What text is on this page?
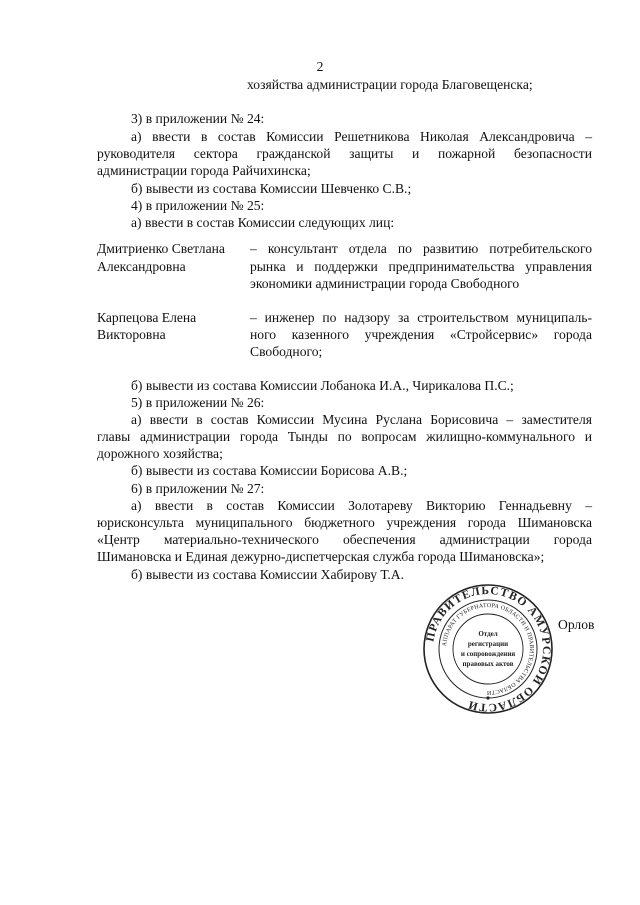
2
хозяйства администрации города Благовещенска;
3) в приложении № 24:
а) ввести в состав Комиссии Решетникова Николая Александровича –
руководителя сектора гражданской защиты и пожарной безопасности
администрации города Райчихинска;
б) вывести из состава Комиссии Шевченко С.В.;
4) в приложении № 25:
а) ввести в состав Комиссии следующих лиц:
Дмитриенко Светлана
Александровна
– консультант отдела по развитию потребительского
рынка и поддержки предпринимательства управления
экономики администрации города Свободного
Карпецова Елена
Викторовна
– инженер по надзору за строительством муниципаль-
ного казенного учреждения «Стройсервис» города
Свободного;
б) вывести из состава Комиссии Лобанока И.А., Чирикалова П.С.;
5) в приложении № 26:
а) ввести в состав Комиссии Мусина Руслана Борисовича – заместителя
главы администрации города Тынды по вопросам жилищно-коммунального и
дорожного хозяйства;
б) вывести из состава Комиссии Борисова А.В.;
6) в приложении № 27:
а) ввести в состав Комиссии Золотареву Викторию Геннадьевну –
юрисконсульта муниципального бюджетного учреждения города Шимановска
«Центр материально-технического обеспечения администрации города
Шимановска и Единая дежурно-диспетчерская служба города Шимановска»;
б) вывести из состава Комиссии Хабирову Т.А.
ПРАВИТЕЛЬСТВО АМУРСКОЙ ОБЛАСТИ
АППАРАТ ГУБЕРНАТОРА ОБЛАСТИ И ПРАВИТЕЛЬСТВА ОБЛАСТИ
Отдел
регистрации
и сопровождения
правовых актов
Орлов
